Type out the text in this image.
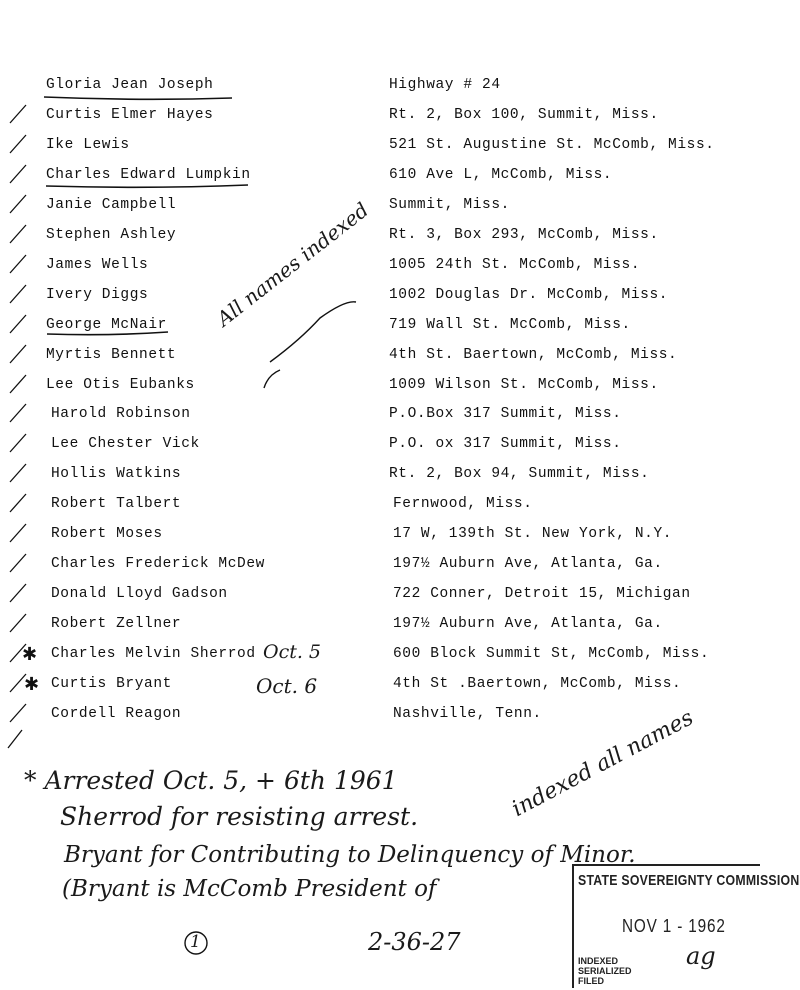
Gloria Jean Joseph	Highway # 24
Curtis Elmer Hayes	Rt. 2, Box 100, Summit, Miss.
Ike Lewis	521 St. Augustine St. McComb, Miss.
Charles Edward Lumpkin	610 Ave L, McComb, Miss.
Janie Campbell	Summit, Miss.
Stephen Ashley	Rt. 3, Box 293, McComb, Miss.
James Wells	1005 24th St. McComb, Miss.
Ivery Diggs	1002 Douglas Dr. McComb, Miss.
George McNair	719 Wall St. McComb, Miss.
Myrtis Bennett	4th St. Baertown, McComb, Miss.
Lee Otis Eubanks	1009 Wilson St. McComb, Miss.
Harold Robinson	P.O.Box 317 Summit, Miss.
Lee Chester Vick	P.O. ox 317 Summit, Miss.
Hollis Watkins	Rt. 2, Box 94, Summit, Miss.
Robert Talbert	Fernwood, Miss.
Robert Moses	17 W, 139th St. New York, N.Y.
Charles Frederick McDew	197½ Auburn Ave, Atlanta, Ga.
Donald Lloyd Gadson	722 Conner, Detroit 15, Michigan
Robert Zellner	197½ Auburn Ave, Atlanta, Ga.
Charles Melvin Sherrod	600 Block Summit St, McComb, Miss.
Curtis Bryant	4th St .Baertown, McComb, Miss.
Cordell Reagon	Nashville, Tenn.
✱
✱
All names indexed
Oct. 5
Oct. 6
* Arrested Oct. 5, + 6th 1961
Sherrod for resisting arrest.
Bryant for Contributing to Delinquency of Minor.
(Bryant is McComb President of
indexed all names
1	2-36-27
STATE SOVEREIGNTY COMMISSION
NOV 1 - 1962
INDEXED
SERIALIZED
FILED
ag
